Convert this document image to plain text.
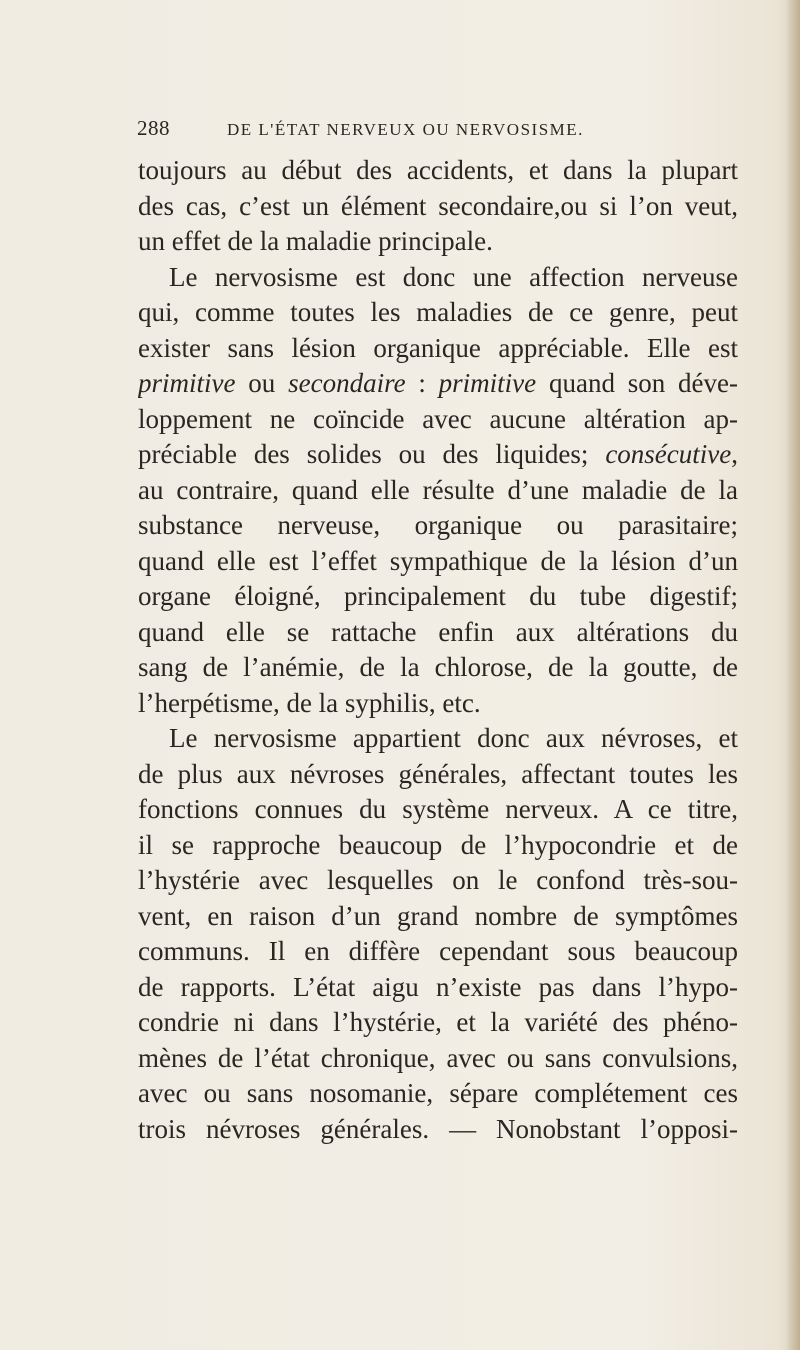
288	DE L'ÉTAT NERVEUX OU NERVOSISME.
toujours au début des accidents, et dans la plupart
des cas, c’est un élément secondaire,ou si l’on veut,
un effet de la maladie principale.
Le nervosisme est donc une affection nerveuse
qui, comme toutes les maladies de ce genre, peut
exister sans lésion organique appréciable. Elle est
primitive ou secondaire : primitive quand son déve-
loppement ne coïncide avec aucune altération ap-
préciable des solides ou des liquides; consécutive,
au contraire, quand elle résulte d’une maladie de la
substance nerveuse, organique ou parasitaire;
quand elle est l’effet sympathique de la lésion d’un
organe éloigné, principalement du tube digestif;
quand elle se rattache enfin aux altérations du
sang de l’anémie, de la chlorose, de la goutte, de
l’herpétisme, de la syphilis, etc.
Le nervosisme appartient donc aux névroses, et
de plus aux névroses générales, affectant toutes les
fonctions connues du système nerveux. A ce titre,
il se rapproche beaucoup de l’hypocondrie et de
l’hystérie avec lesquelles on le confond très-sou-
vent, en raison d’un grand nombre de symptômes
communs. Il en diffère cependant sous beaucoup
de rapports. L’état aigu n’existe pas dans l’hypo-
condrie ni dans l’hystérie, et la variété des phéno-
mènes de l’état chronique, avec ou sans convulsions,
avec ou sans nosomanie, sépare complétement ces
trois névroses générales. — Nonobstant l’opposi-
